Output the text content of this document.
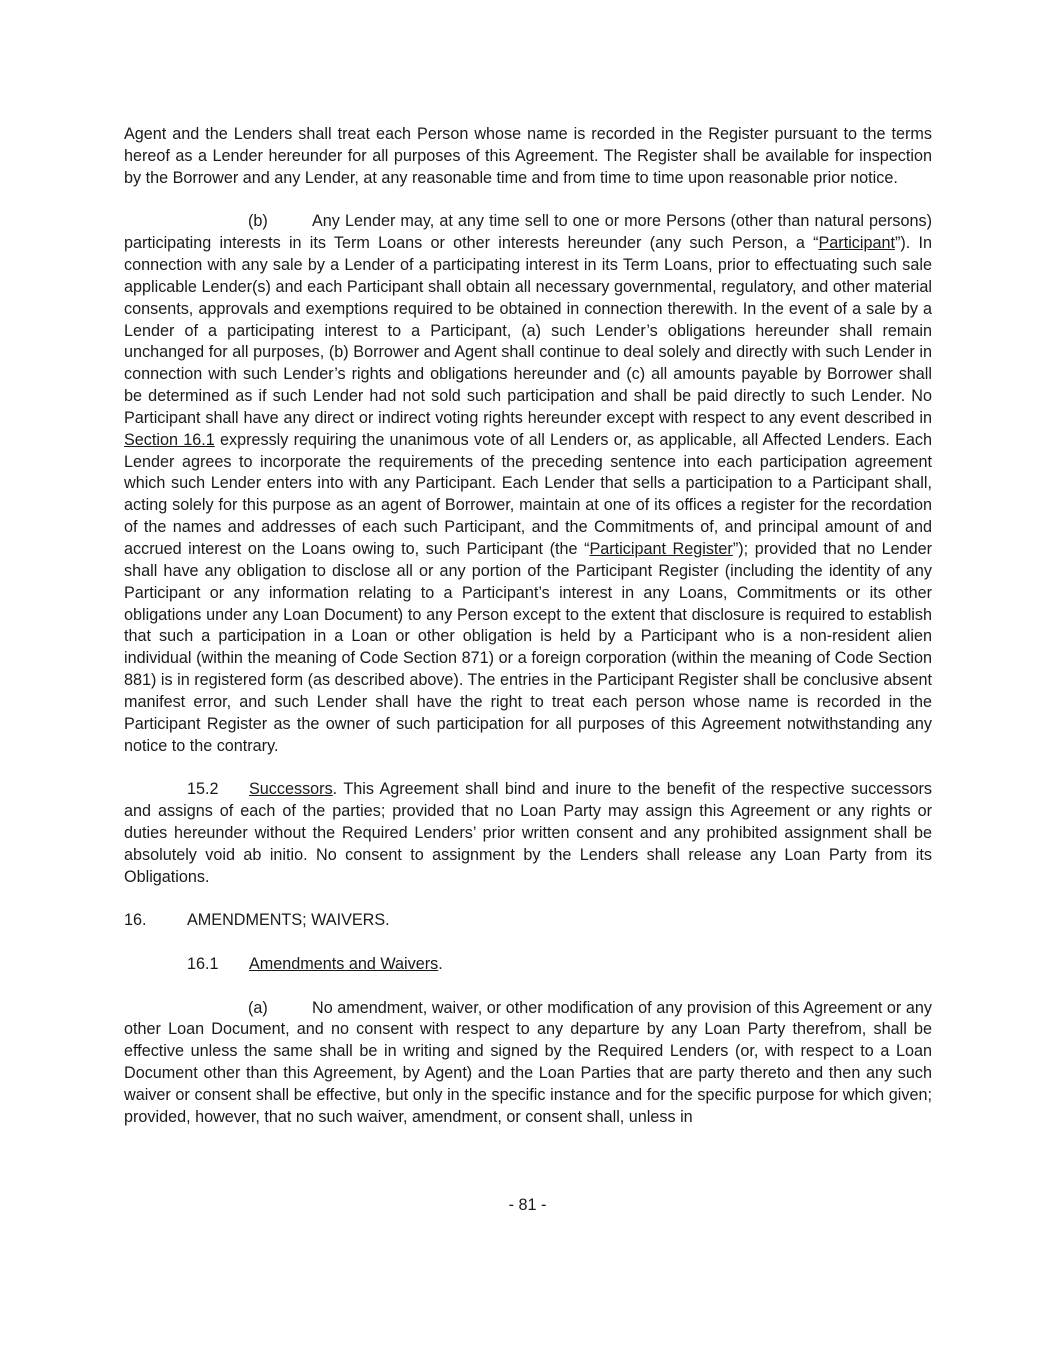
Agent and the Lenders shall treat each Person whose name is recorded in the Register pursuant to the terms hereof as a Lender hereunder for all purposes of this Agreement. The Register shall be available for inspection by the Borrower and any Lender, at any reasonable time and from time to time upon reasonable prior notice.

(b)	Any Lender may, at any time sell to one or more Persons (other than natural persons) participating interests in its Term Loans or other interests hereunder (any such Person, a “Participant”). In connection with any sale by a Lender of a participating interest in its Term Loans, prior to effectuating such sale applicable Lender(s) and each Participant shall obtain all necessary governmental, regulatory, and other material consents, approvals and exemptions required to be obtained in connection therewith. In the event of a sale by a Lender of a participating interest to a Participant, (a) such Lender’s obligations hereunder shall remain unchanged for all purposes, (b) Borrower and Agent shall continue to deal solely and directly with such Lender in connection with such Lender’s rights and obligations hereunder and (c) all amounts payable by Borrower shall be determined as if such Lender had not sold such participation and shall be paid directly to such Lender. No Participant shall have any direct or indirect voting rights hereunder except with respect to any event described in Section 16.1 expressly requiring the unanimous vote of all Lenders or, as applicable, all Affected Lenders. Each Lender agrees to incorporate the requirements of the preceding sentence into each participation agreement which such Lender enters into with any Participant. Each Lender that sells a participation to a Participant shall, acting solely for this purpose as an agent of Borrower, maintain at one of its offices a register for the recordation of the names and addresses of each such Participant, and the Commitments of, and principal amount of and accrued interest on the Loans owing to, such Participant (the “Participant Register”); provided that no Lender shall have any obligation to disclose all or any portion of the Participant Register (including the identity of any Participant or any information relating to a Participant’s interest in any Loans, Commitments or its other obligations under any Loan Document) to any Person except to the extent that disclosure is required to establish that such a participation in a Loan or other obligation is held by a Participant who is a non-resident alien individual (within the meaning of Code Section 871) or a foreign corporation (within the meaning of Code Section 881) is in registered form (as described above). The entries in the Participant Register shall be conclusive absent manifest error, and such Lender shall have the right to treat each person whose name is recorded in the Participant Register as the owner of such participation for all purposes of this Agreement notwithstanding any notice to the contrary.

15.2 Successors. This Agreement shall bind and inure to the benefit of the respective successors and assigns of each of the parties; provided that no Loan Party may assign this Agreement or any rights or duties hereunder without the Required Lenders’ prior written consent and any prohibited assignment shall be absolutely void ab initio. No consent to assignment by the Lenders shall release any Loan Party from its Obligations.

16.	AMENDMENTS; WAIVERS.
16.1	Amendments and Waivers.

(a)	No amendment, waiver, or other modification of any provision of this Agreement or any other Loan Document, and no consent with respect to any departure by any Loan Party therefrom, shall be effective unless the same shall be in writing and signed by the Required Lenders (or, with respect to a Loan Document other than this Agreement, by Agent) and the Loan Parties that are party thereto and then any such waiver or consent shall be effective, but only in the specific instance and for the specific purpose for which given; provided, however, that no such waiver, amendment, or consent shall, unless in

- 81 -
